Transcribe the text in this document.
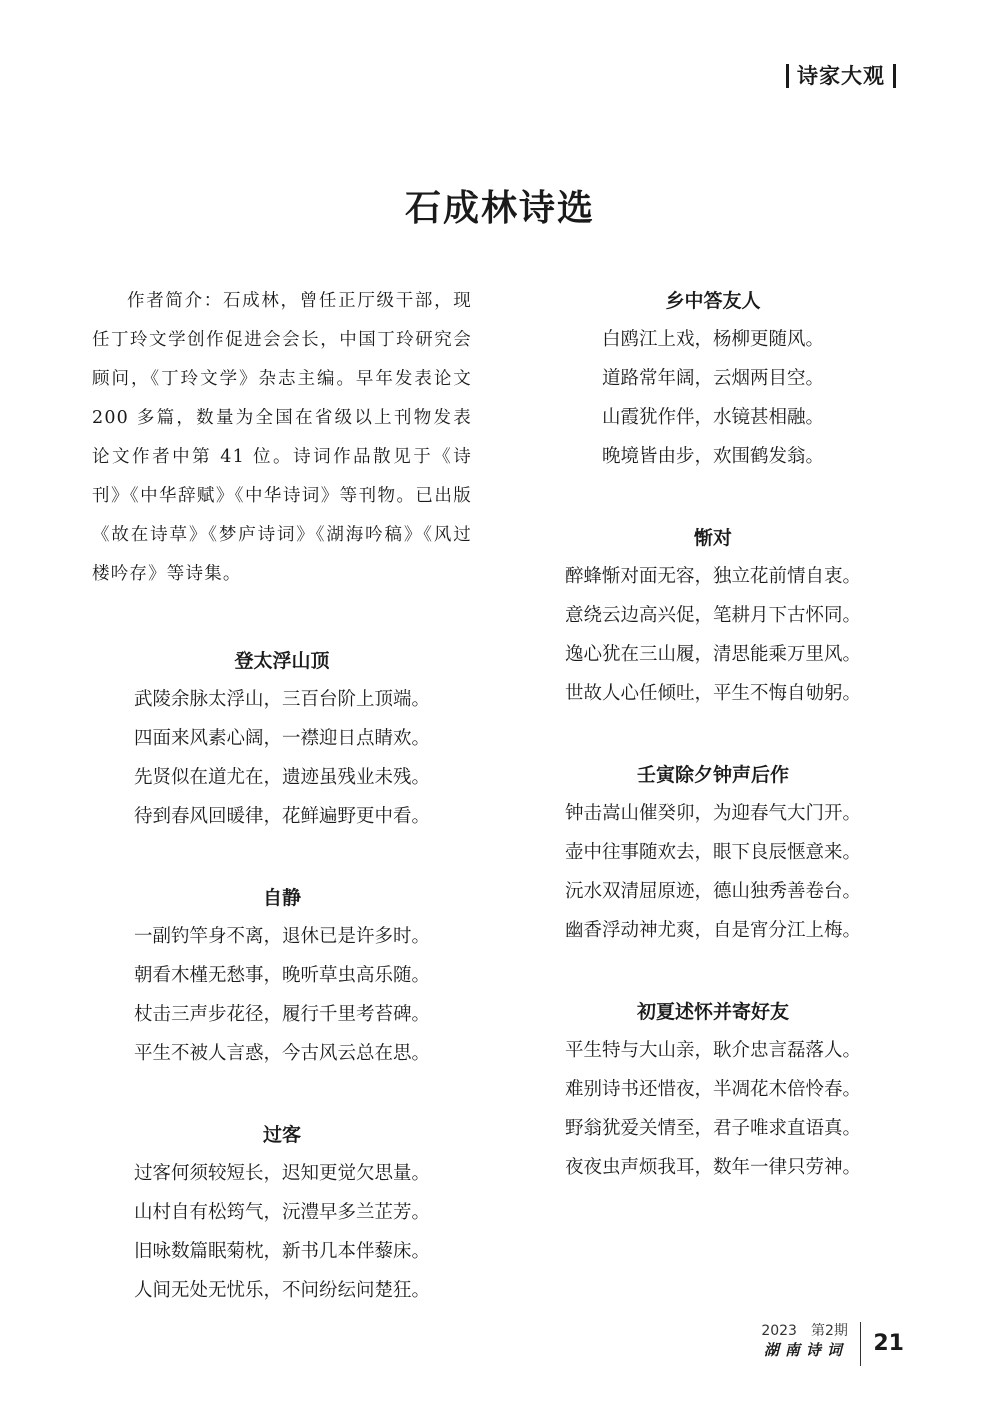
诗家大观
石成林诗选

作者简介：石成林，曾任正厅级干部，现任丁玲文学创作促进会会长，中国丁玲研究会顾问，《丁玲文学》杂志主编。早年发表论文 200 多篇，数量为全国在省级以上刊物发表论文作者中第 41 位。诗词作品散见于《诗刊》《中华辞赋》《中华诗词》等刊物。已出版《故在诗草》《梦庐诗词》《湖海吟稿》《风过楼吟存》等诗集。

登太浮山顶

武陵余脉太浮山，三百台阶上顶端。

四面来风素心阔，一襟迎日点睛欢。

先贤似在道尤在，遗迹虽残业未残。

待到春风回暖律，花鲜遍野更中看。

自静

一副钓竿身不离，退休已是许多时。

朝看木槿无愁事，晚听草虫高乐随。

杖击三声步花径，履行千里考苔碑。

平生不被人言惑，今古风云总在思。

过客

过客何须较短长，迟知更觉欠思量。

山村自有松筠气，沅澧早多兰芷芳。

旧咏数篇眠菊枕，新书几本伴藜床。

人间无处无忧乐，不问纷纭问楚狂。

乡中答友人

白鸥江上戏，杨柳更随风。

道路常年阔，云烟两目空。

山霞犹作伴，水镜甚相融。

晚境皆由步，欢围鹤发翁。

惭对

醉蜂惭对面无容，独立花前情自衷。

意绕云边高兴促，笔耕月下古怀同。

逸心犹在三山履，清思能乘万里风。

世故人心任倾吐，平生不悔自劬躬。

壬寅除夕钟声后作

钟击嵩山催癸卯，为迎春气大门开。

壶中往事随欢去，眼下良辰惬意来。

沅水双清屈原迹，德山独秀善卷台。

幽香浮动神尤爽，自是宵分江上梅。

初夏述怀并寄好友

平生特与大山亲，耿介忠言磊落人。

难别诗书还惜夜，半凋花木倍怜春。

野翁犹爱关情至，君子唯求直语真。

夜夜虫声烦我耳，数年一律只劳神。

2023　第2期
湖南诗词 21
